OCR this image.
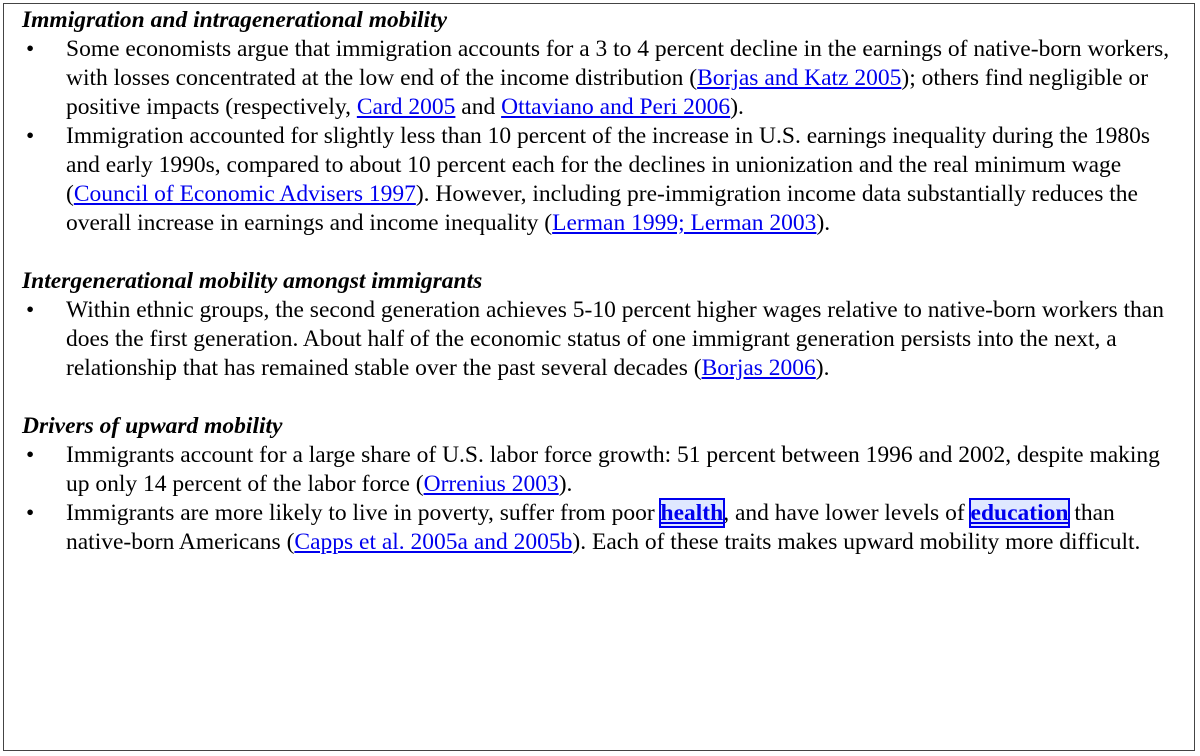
Immigration and intragenerational mobility
• Some economists argue that immigration accounts for a 3 to 4 percent decline in the earnings of native-born workers, with losses concentrated at the low end of the income distribution (Borjas and Katz 2005); others find negligible or positive impacts (respectively, Card 2005 and Ottaviano and Peri 2006).
• Immigration accounted for slightly less than 10 percent of the increase in U.S. earnings inequality during the 1980s and early 1990s, compared to about 10 percent each for the declines in unionization and the real minimum wage (Council of Economic Advisers 1997). However, including pre-immigration income data substantially reduces the overall increase in earnings and income inequality (Lerman 1999; Lerman 2003).
Intergenerational mobility amongst immigrants
• Within ethnic groups, the second generation achieves 5-10 percent higher wages relative to native-born workers than does the first generation. About half of the economic status of one immigrant generation persists into the next, a relationship that has remained stable over the past several decades (Borjas 2006).
Drivers of upward mobility
• Immigrants account for a large share of U.S. labor force growth: 51 percent between 1996 and 2002, despite making up only 14 percent of the labor force (Orrenius 2003).
• Immigrants are more likely to live in poverty, suffer from poor health, and have lower levels of education than native-born Americans (Capps et al. 2005a and 2005b). Each of these traits makes upward mobility more difficult.
